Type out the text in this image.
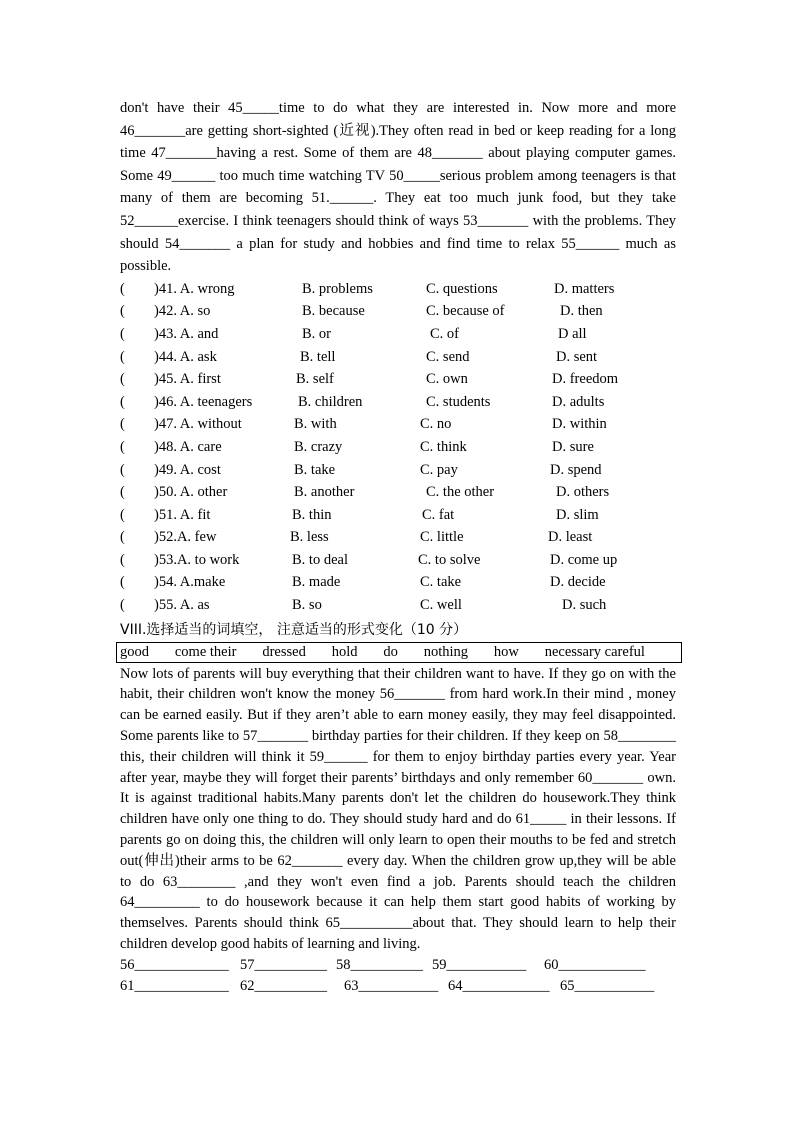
don't have their 45_____time to do what they are interested in. Now more and more 46_______are getting short-sighted (近视).They often read in bed or keep reading for a long time 47_______having a rest. Some of them are 48_______ about playing computer games. Some 49______ too much time watching TV 50_____serious problem among teenagers is that many of them are becoming 51.______. They eat too much junk food, but they take 52______exercise. I think teenagers should think of ways 53_______ with the problems. They should 54_______ a plan for study and hobbies and find time to relax 55______ much as possible.

( )41. A. wrong	B. problems	C. questions	D. matters
( )42. A. so	B. because	C. because of	D. then
( )43. A. and	B. or	C. of	D all
( )44. A. ask	B. tell	C. send	D. sent
( )45. A. first	B. self	C. own	D. freedom
( )46. A. teenagers	B. children	C. students	D. adults
( )47. A. without	B. with	C. no	D. within
( )48. A. care	B. crazy	C. think	D. sure
( )49. A. cost	B. take	C. pay	D. spend
( )50. A. other	B. another	C. the other	D. others
( )51. A. fit	B. thin	C. fat	D. slim
( )52.A. few	B. less	C. little	D. least
( )53.A. to work	B. to deal	C. to solve	D. come up
( )54. A.make	B. made	C. take	D. decide
( )55. A. as	B. so	C. well	D. such
VIII.选择适当的词填空， 注意适当的形式变化（10 分）
good come their dressed hold do nothing how necessary careful

Now lots of parents will buy everything that their children want to have. If they go on with the habit, their children won't know the money 56_______ from hard work.In their mind , money can be earned easily. But if they aren’t able to earn money easily, they may feel disappointed. Some parents like to 57_______ birthday parties for their children. If they keep on 58________ this, their children will think it 59______ for them to enjoy birthday parties every year. Year after year, maybe they will forget their parents’ birthdays and only remember 60_______ own. It is against traditional habits.Many parents don't let the children do housework.They think children have only one thing to do. They should study hard and do 61_____ in their lessons. If parents go on doing this, the children will only learn to open their mouths to be fed and stretch out(伸出)their arms to be 62_______ every day. When the children grow up,they will be able to do 63________ ,and they won't even find a job. Parents should teach the children 64_________ to do housework because it can help them start good habits of working by themselves. Parents should think 65__________about that. They should learn to help their children develop good habits of learning and living.

56_____________ 57__________ 58__________ 59___________ 60____________
61_____________ 62__________ 63___________ 64____________ 65___________
